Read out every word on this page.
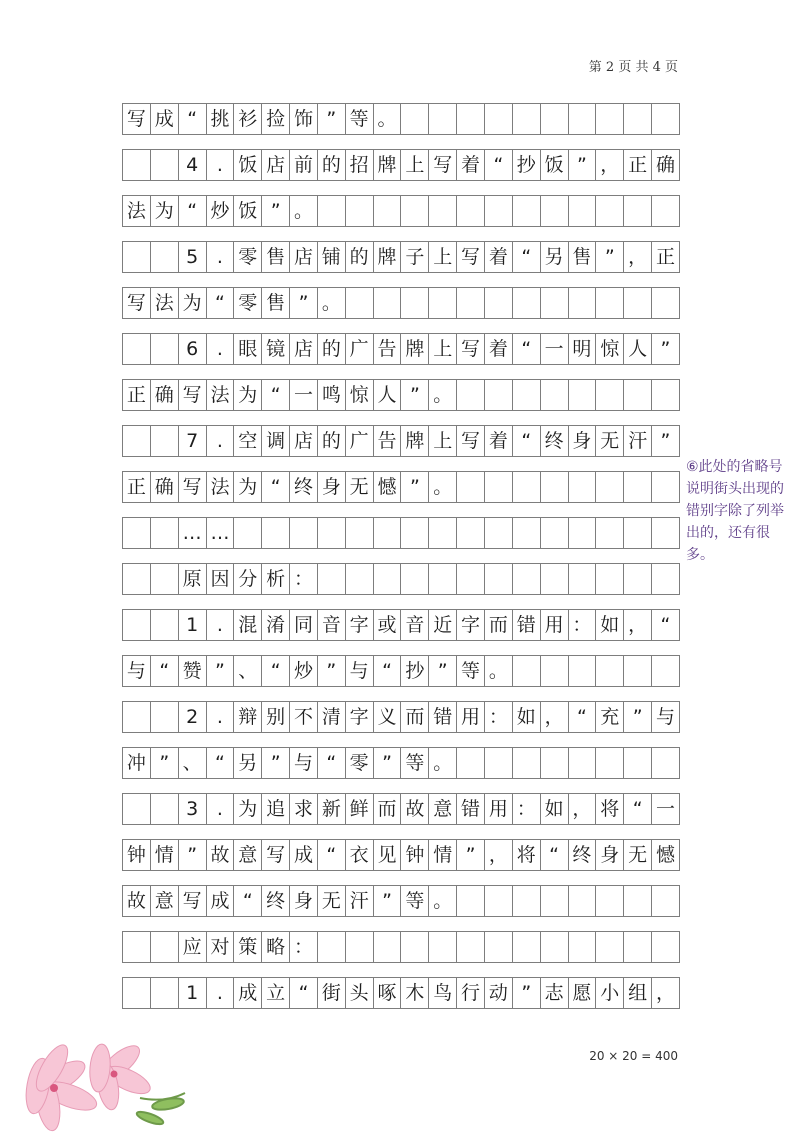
第 2 页 共 4 页
写 成 “ 挑 衫 捡 饰 ” 等 。
4 . 饭 店 前 的 招 牌 上 写 着 “ 抄 饭 ” ， 正 确
法 为 “ 炒 饭 ” 。
5 . 零 售 店 铺 的 牌 子 上 写 着 “ 另 售 ” ， 正
写 法 为 “ 零 售 ” 。
6 . 眼 镜 店 的 广 告 牌 上 写 着 “ 一 明 惊 人 ”
正 确 写 法 为 “ 一 鸣 惊 人 ” 。
7 . 空 调 店 的 广 告 牌 上 写 着 “ 终 身 无 汗 ”
正 确 写 法 为 “ 终 身 无 憾 ” 。
… …
原 因 分 析 ：
1 . 混 淆 同 音 字 或 音 近 字 而 错 用 ： 如 ， “
与 “ 赞 ” 、 “ 炒 ” 与 “ 抄 ” 等 。
2 . 辩 别 不 清 字 义 而 错 用 ： 如 ， “ 充 ” 与
冲 ” 、 “ 另 ” 与 “ 零 ” 等 。
3 . 为 追 求 新 鲜 而 故 意 错 用 ： 如 ， 将 “ 一
钟 情 ” 故 意 写 成 “ 衣 见 钟 情 ” ， 将 “ 终 身 无 憾
故 意 写 成 “ 终 身 无 汗 ” 等 。
应 对 策 略 ：
1 . 成 立 “ 街 头 啄 木 鸟 行 动 ” 志 愿 小 组 ，
⑥此处的省略号说明街头出现的错别字除了列举出的，还有很多。
20 × 20 = 400
